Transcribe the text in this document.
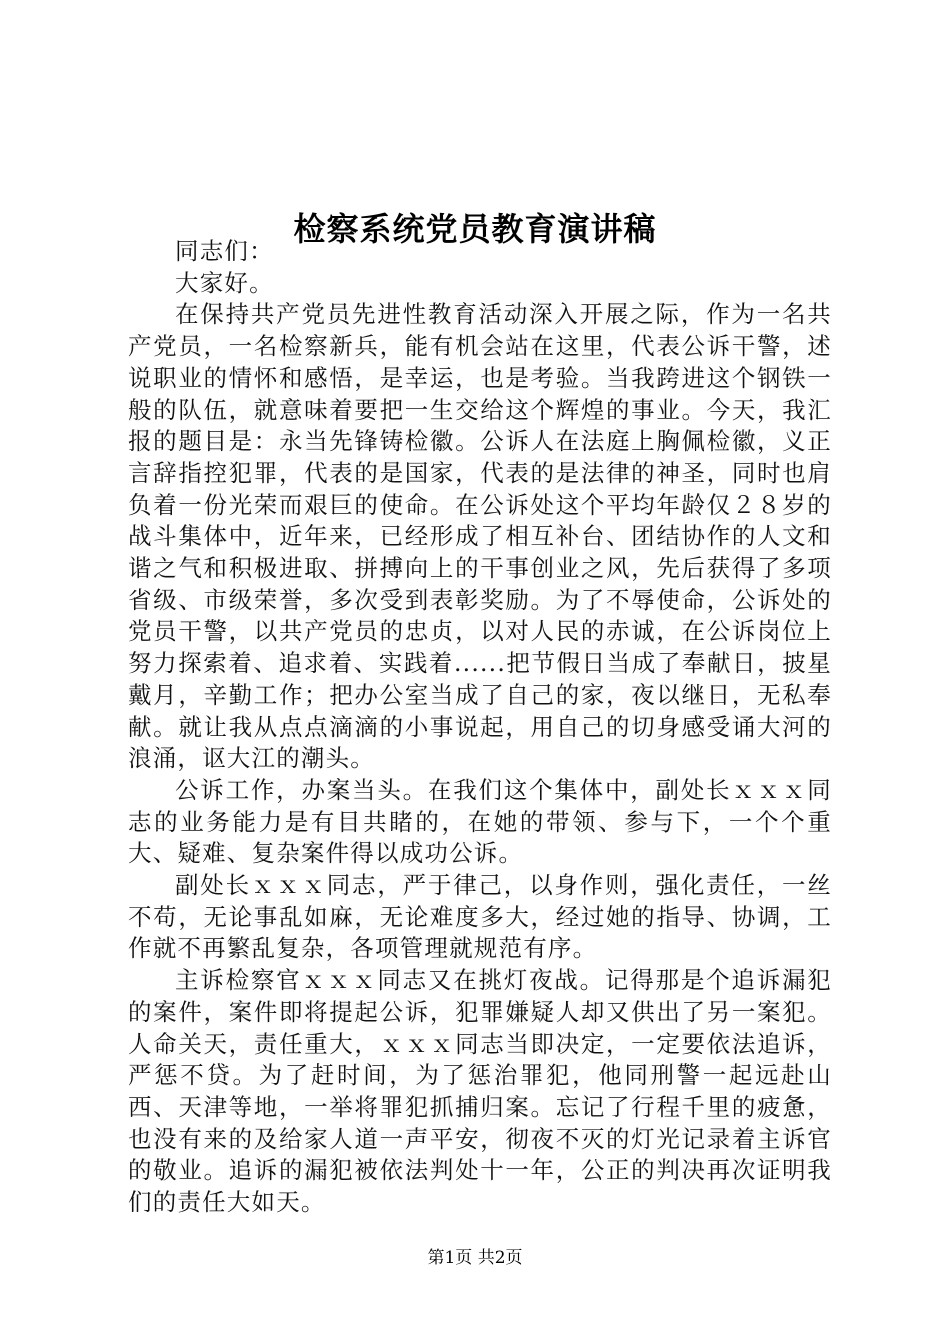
检察系统党员教育演讲稿

同志们：

大家好。

在保持共产党员先进性教育活动深入开展之际，作为一名共产党员，一名检察新兵，能有机会站在这里，代表公诉干警，述说职业的情怀和感悟，是幸运，也是考验。当我跨进这个钢铁一般的队伍，就意味着要把一生交给这个辉煌的事业。今天，我汇报的题目是：永当先锋铸检徽。公诉人在法庭上胸佩检徽，义正言辞指控犯罪，代表的是国家，代表的是法律的神圣，同时也肩负着一份光荣而艰巨的使命。在公诉处这个平均年龄仅２８岁的战斗集体中，近年来，已经形成了相互补台、团结协作的人文和谐之气和积极进取、拼搏向上的干事创业之风，先后获得了多项省级、市级荣誉，多次受到表彰奖励。为了不辱使命，公诉处的党员干警，以共产党员的忠贞，以对人民的赤诚，在公诉岗位上努力探索着、追求着、实践着......把节假日当成了奉献日，披星戴月，辛勤工作；把办公室当成了自己的家，夜以继日，无私奉献。就让我从点点滴滴的小事说起，用自己的切身感受诵大河的浪涌，讴大江的潮头。

公诉工作，办案当头。在我们这个集体中，副处长ｘｘｘ同志的业务能力是有目共睹的，在她的带领、参与下，一个个重大、疑难、复杂案件得以成功公诉。

副处长ｘｘｘ同志，严于律己，以身作则，强化责任，一丝不苟，无论事乱如麻，无论难度多大，经过她的指导、协调，工作就不再繁乱复杂，各项管理就规范有序。

主诉检察官ｘｘｘ同志又在挑灯夜战。记得那是个追诉漏犯的案件，案件即将提起公诉，犯罪嫌疑人却又供出了另一案犯。人命关天，责任重大，ｘｘｘ同志当即决定，一定要依法追诉，严惩不贷。为了赶时间，为了惩治罪犯，他同刑警一起远赴山西、天津等地，一举将罪犯抓捕归案。忘记了行程千里的疲惫，也没有来的及给家人道一声平安，彻夜不灭的灯光记录着主诉官的敬业。追诉的漏犯被依法判处十一年，公正的判决再次证明我们的责任大如天。

第1页 共2页
